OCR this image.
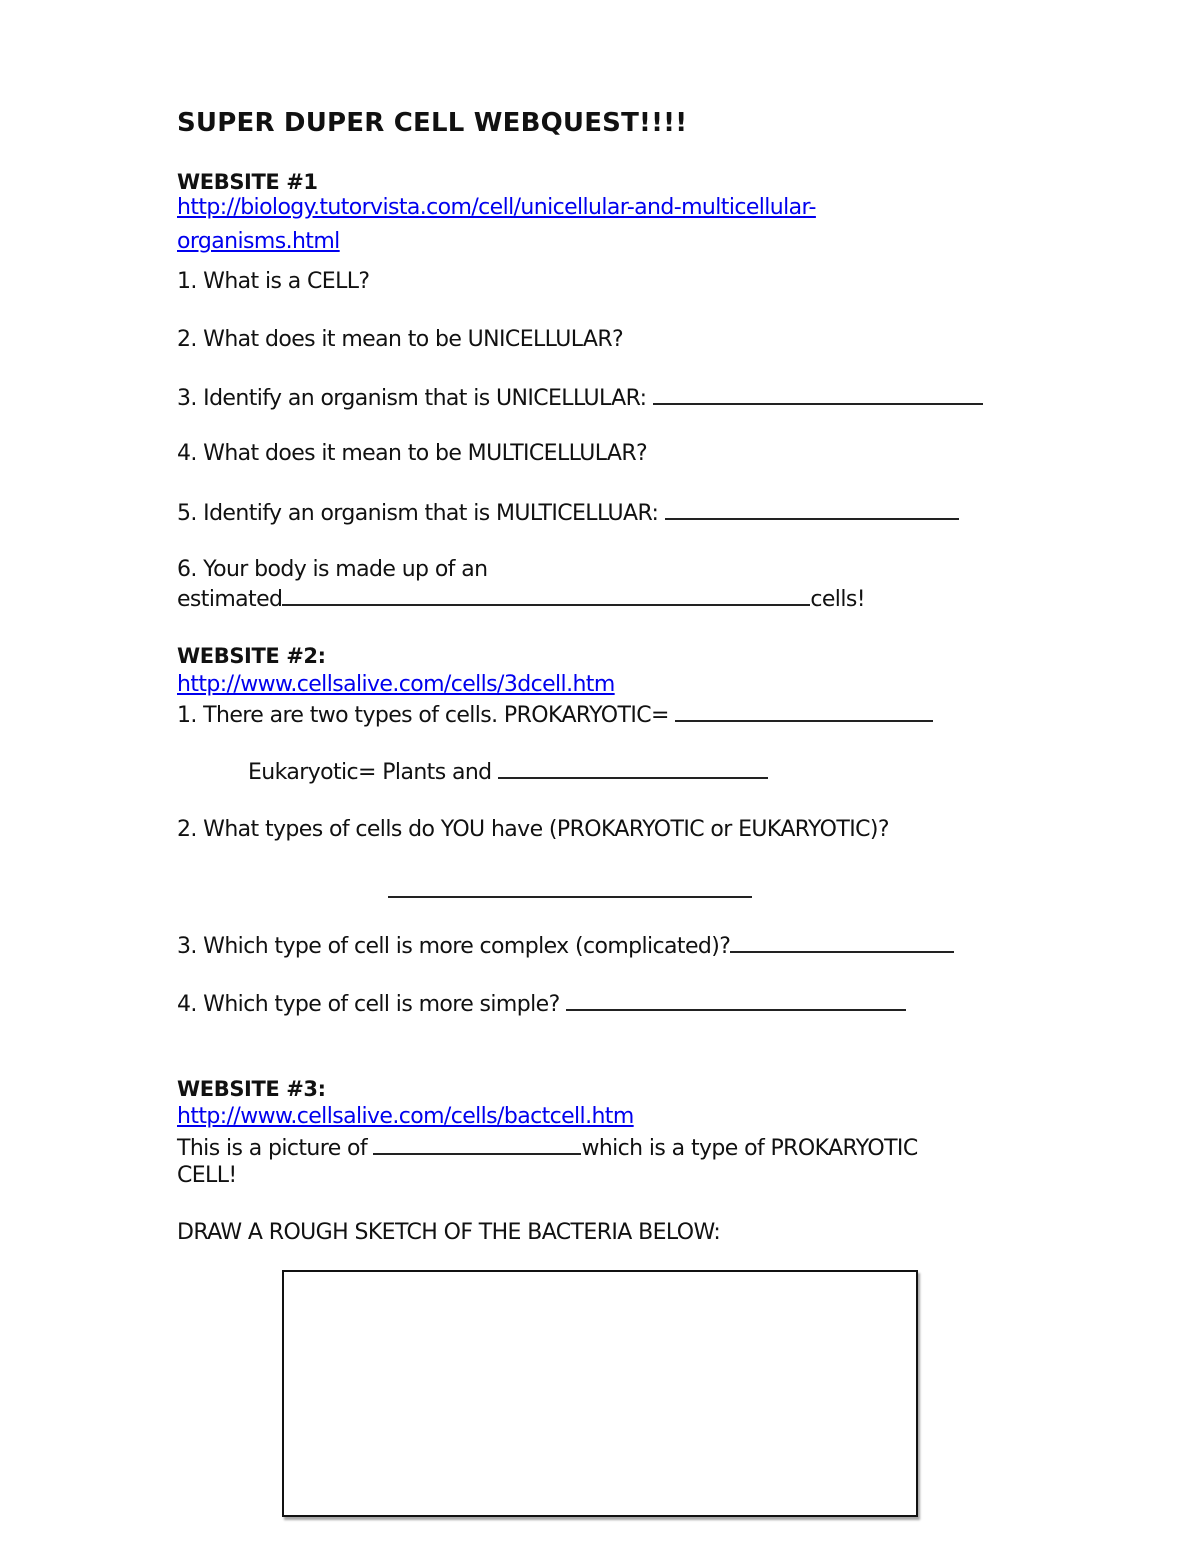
SUPER DUPER CELL WEBQUEST!!!!
WEBSITE #1
http://biology.tutorvista.com/cell/unicellular-and-multicellular-
organisms.html
1. What is a CELL?
2. What does it mean to be UNICELLULAR?
3. Identify an organism that is UNICELLULAR:
4. What does it mean to be MULTICELLULAR?
5. Identify an organism that is MULTICELLUAR:
6. Your body is made up of an
estimated	cells!
WEBSITE #2:
http://www.cellsalive.com/cells/3dcell.htm
1. There are two types of cells. PROKARYOTIC=
Eukaryotic= Plants and
2. What types of cells do YOU have (PROKARYOTIC or EUKARYOTIC)?
3. Which type of cell is more complex (complicated)?
4. Which type of cell is more simple?
WEBSITE #3:
http://www.cellsalive.com/cells/bactcell.htm
This is a picture of	which is a type of PROKARYOTIC
CELL!
DRAW A ROUGH SKETCH OF THE BACTERIA BELOW:
